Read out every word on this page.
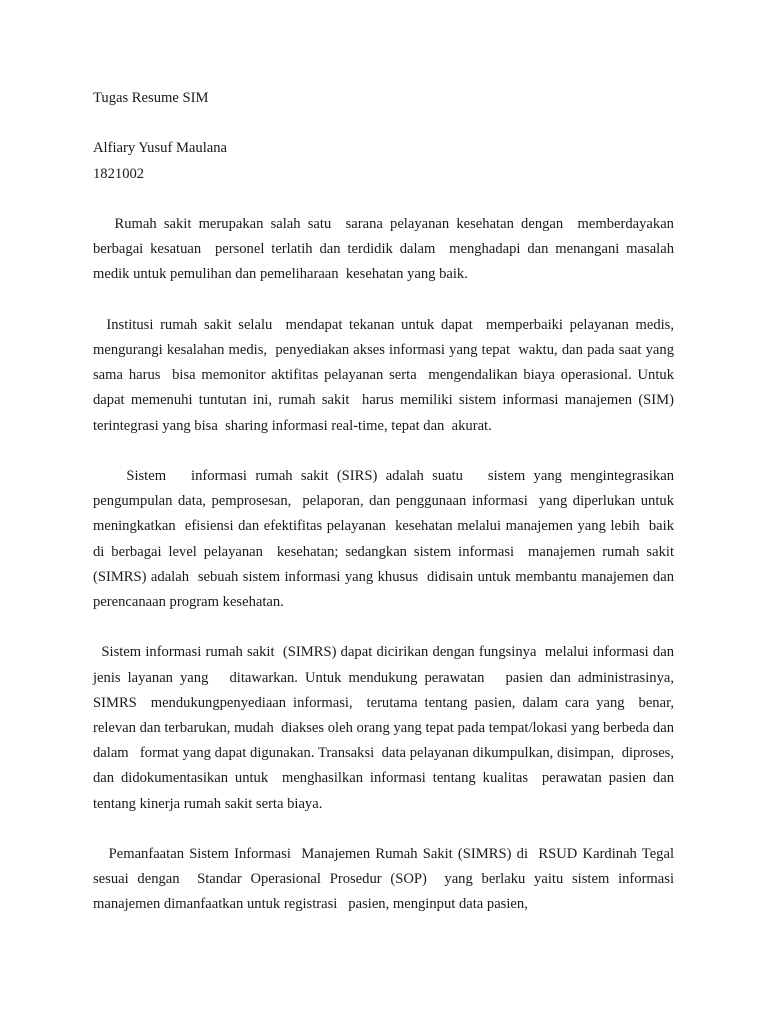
Tugas Resume SIM

Alfiary Yusuf Maulana

1821002

Rumah sakit merupakan salah satu  sarana pelayanan kesehatan dengan  memberdayakan berbagai kesatuan  personel terlatih dan terdidik dalam  menghadapi dan menangani masalah medik untuk pemulihan dan pemeliharaan  kesehatan yang baik.

Institusi rumah sakit selalu  mendapat tekanan untuk dapat  memperbaiki pelayanan medis, mengurangi kesalahan medis,  penyediakan akses informasi yang tepat  waktu, dan pada saat yang sama harus  bisa memonitor aktifitas pelayanan serta  mengendalikan biaya operasional. Untuk  dapat memenuhi tuntutan ini, rumah sakit  harus memiliki sistem informasi manajemen (SIM) terintegrasi yang bisa  sharing informasi real-time, tepat dan  akurat.

Sistem   informasi rumah sakit (SIRS) adalah suatu   sistem yang mengintegrasikan pengumpulan data, pemprosesan,  pelaporan, dan penggunaan informasi  yang diperlukan untuk meningkatkan  efisiensi dan efektifitas pelayanan  kesehatan melalui manajemen yang lebih  baik di berbagai level pelayanan  kesehatan; sedangkan sistem informasi  manajemen rumah sakit (SIMRS) adalah  sebuah sistem informasi yang khusus  didisain untuk membantu manajemen dan  perencanaan program kesehatan.

Sistem informasi rumah sakit  (SIMRS) dapat dicirikan dengan fungsinya  melalui informasi dan jenis layanan yang   ditawarkan. Untuk mendukung perawatan   pasien dan administrasinya, SIMRS  mendukungpenyediaan informasi,  terutama tentang pasien, dalam cara yang  benar, relevan dan terbarukan, mudah  diakses oleh orang yang tepat pada tempat/lokasi yang berbeda dan dalam   format yang dapat digunakan. Transaksi  data pelayanan dikumpulkan, disimpan,  diproses, dan didokumentasikan untuk  menghasilkan informasi tentang kualitas  perawatan pasien dan tentang kinerja rumah sakit serta biaya.

Pemanfaatan Sistem Informasi  Manajemen Rumah Sakit (SIMRS) di  RSUD Kardinah Tegal sesuai dengan  Standar Operasional Prosedur (SOP)  yang berlaku yaitu sistem informasi   manajemen dimanfaatkan untuk registrasi   pasien, menginput data pasien,
